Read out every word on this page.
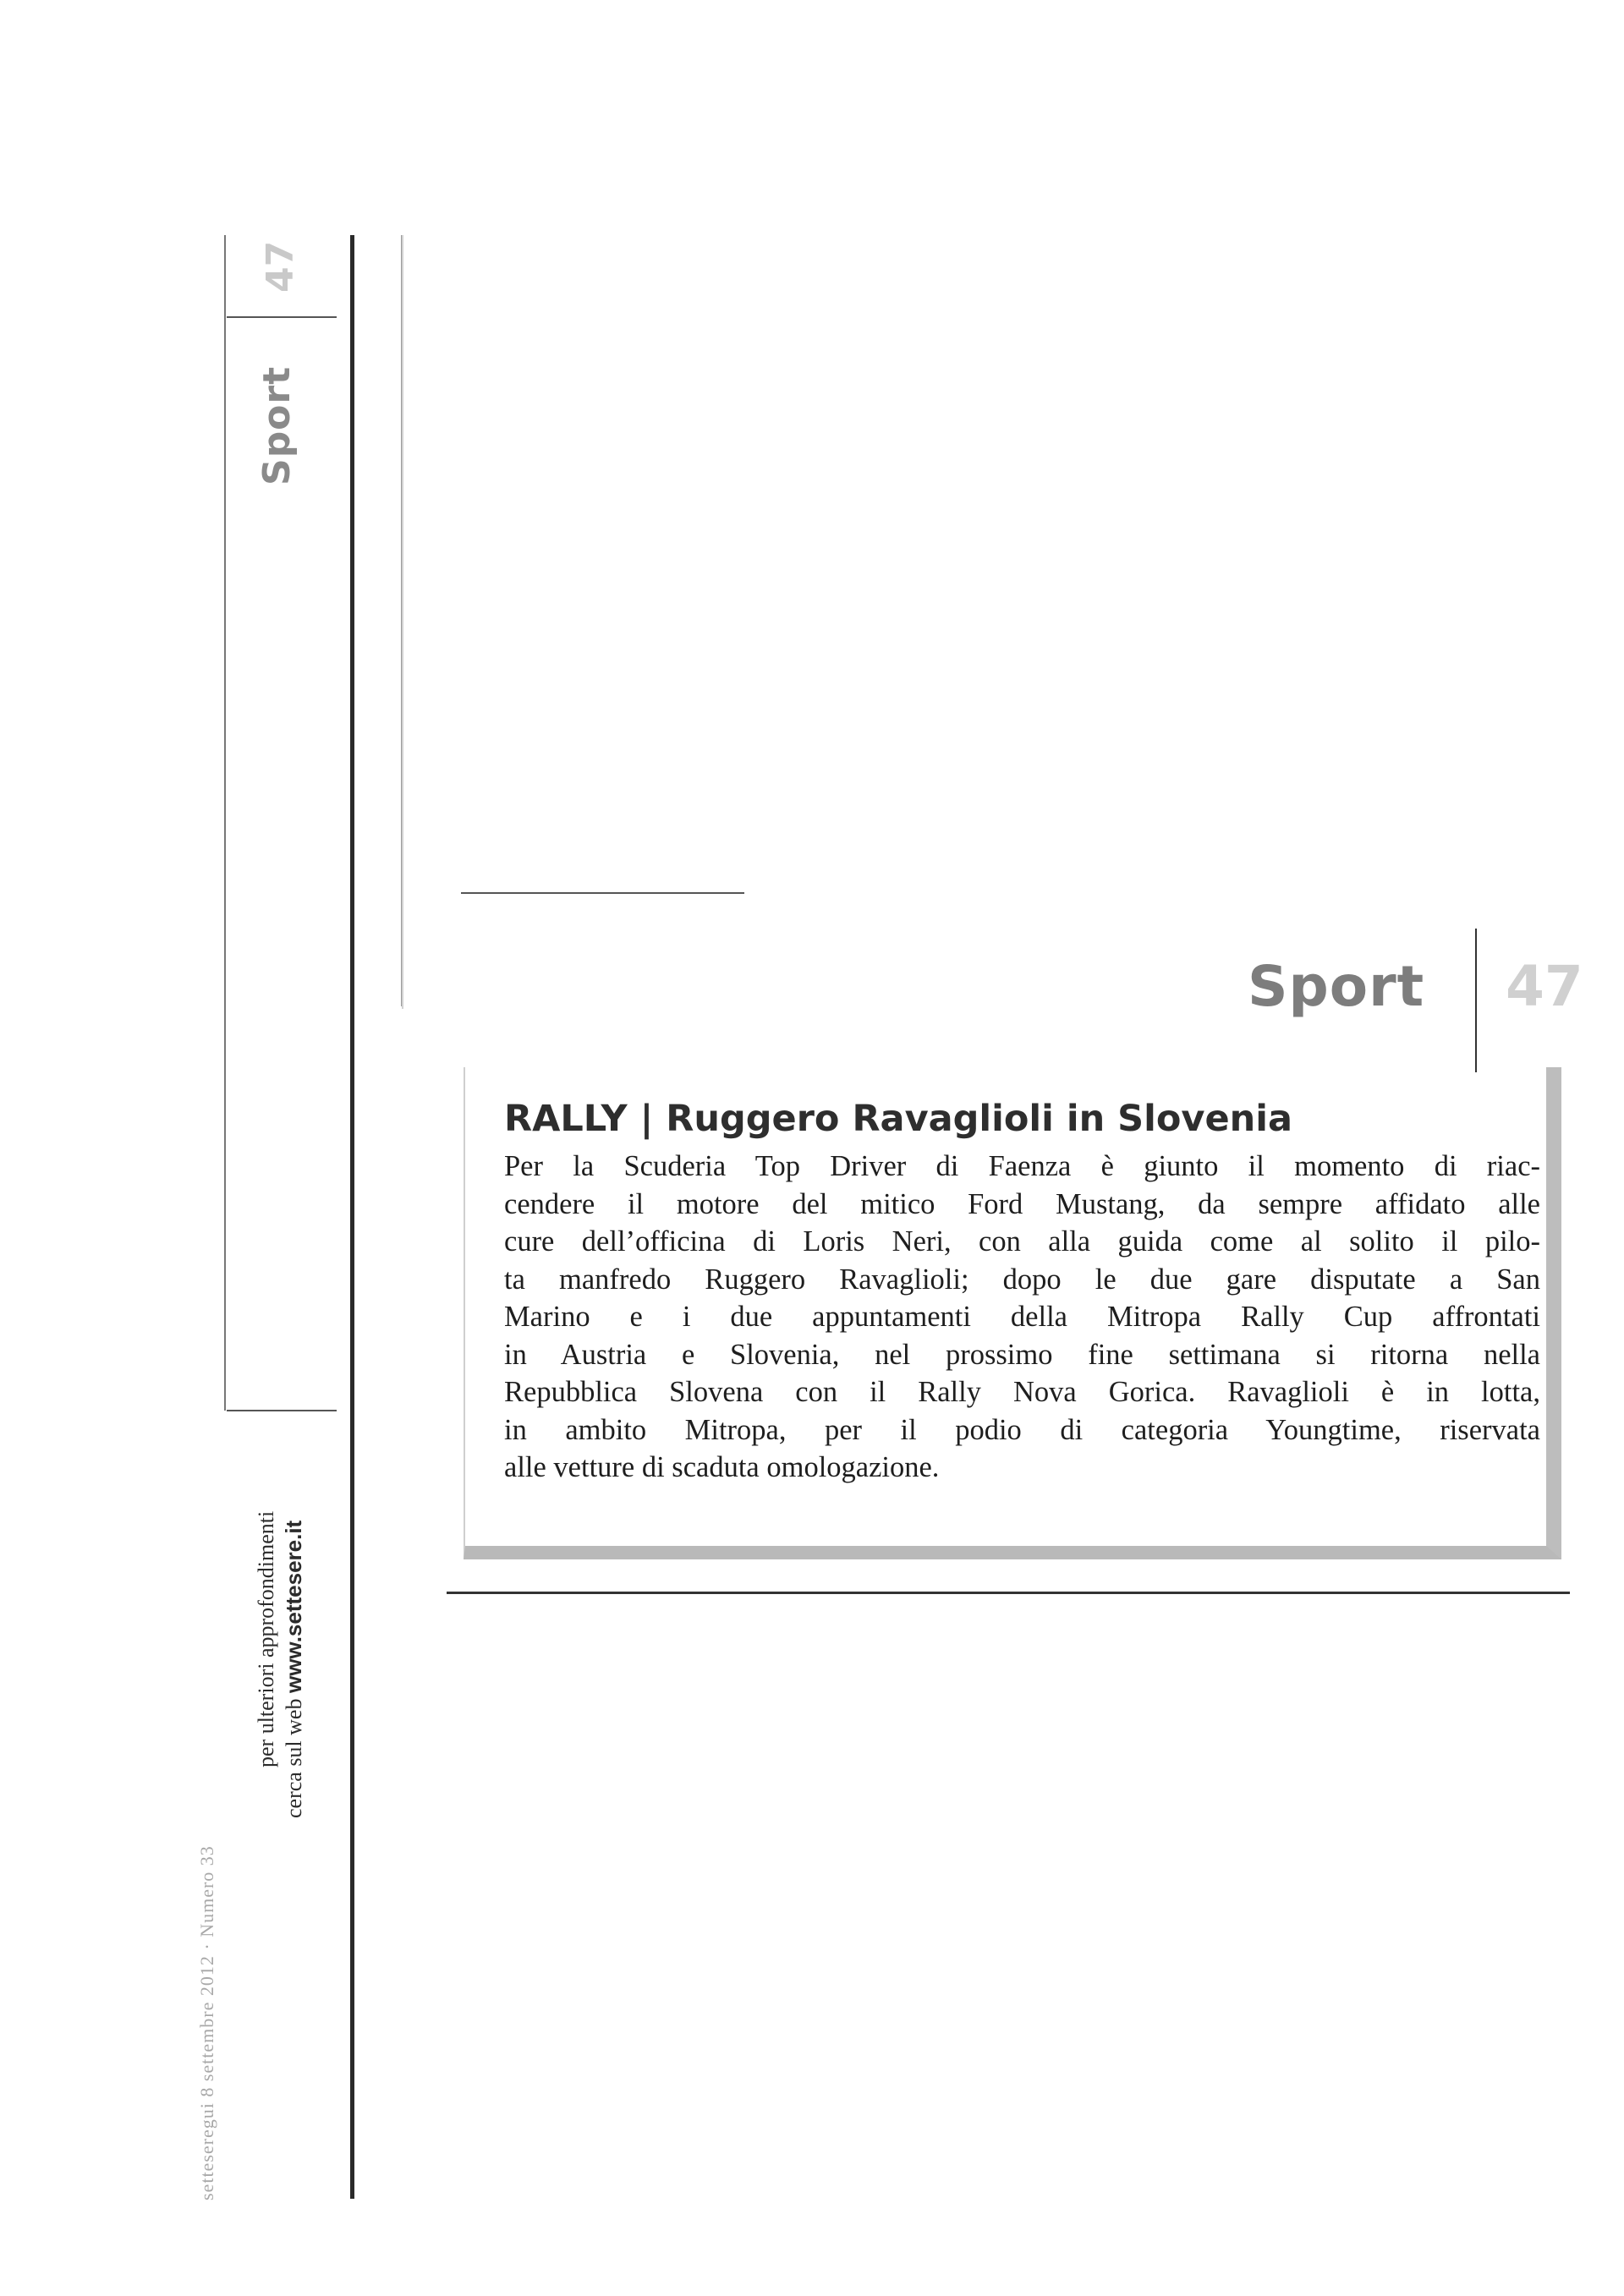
47
Sport
per ulteriori approfondimenti cerca sul web www.settesere.it
setteseregui 8 settembre 2012 · Numero 33
Sport 47
RALLY | Ruggero Ravaglioli in Slovenia

Per la Scuderia Top Driver di Faenza è giunto il momento di riac-
cendere il motore del mitico Ford Mustang, da sempre affidato alle
cure dell’officina di Loris Neri, con alla guida come al solito il pilo-
ta manfredo Ruggero Ravaglioli; dopo le due gare disputate a San
Marino e i due appuntamenti della Mitropa Rally Cup affrontati
in Austria e Slovenia, nel prossimo fine settimana si ritorna nella
Repubblica Slovena con il Rally Nova Gorica. Ravaglioli è in lotta,
in ambito Mitropa, per il podio di categoria Youngtime, riservata
alle vetture di scaduta omologazione.
